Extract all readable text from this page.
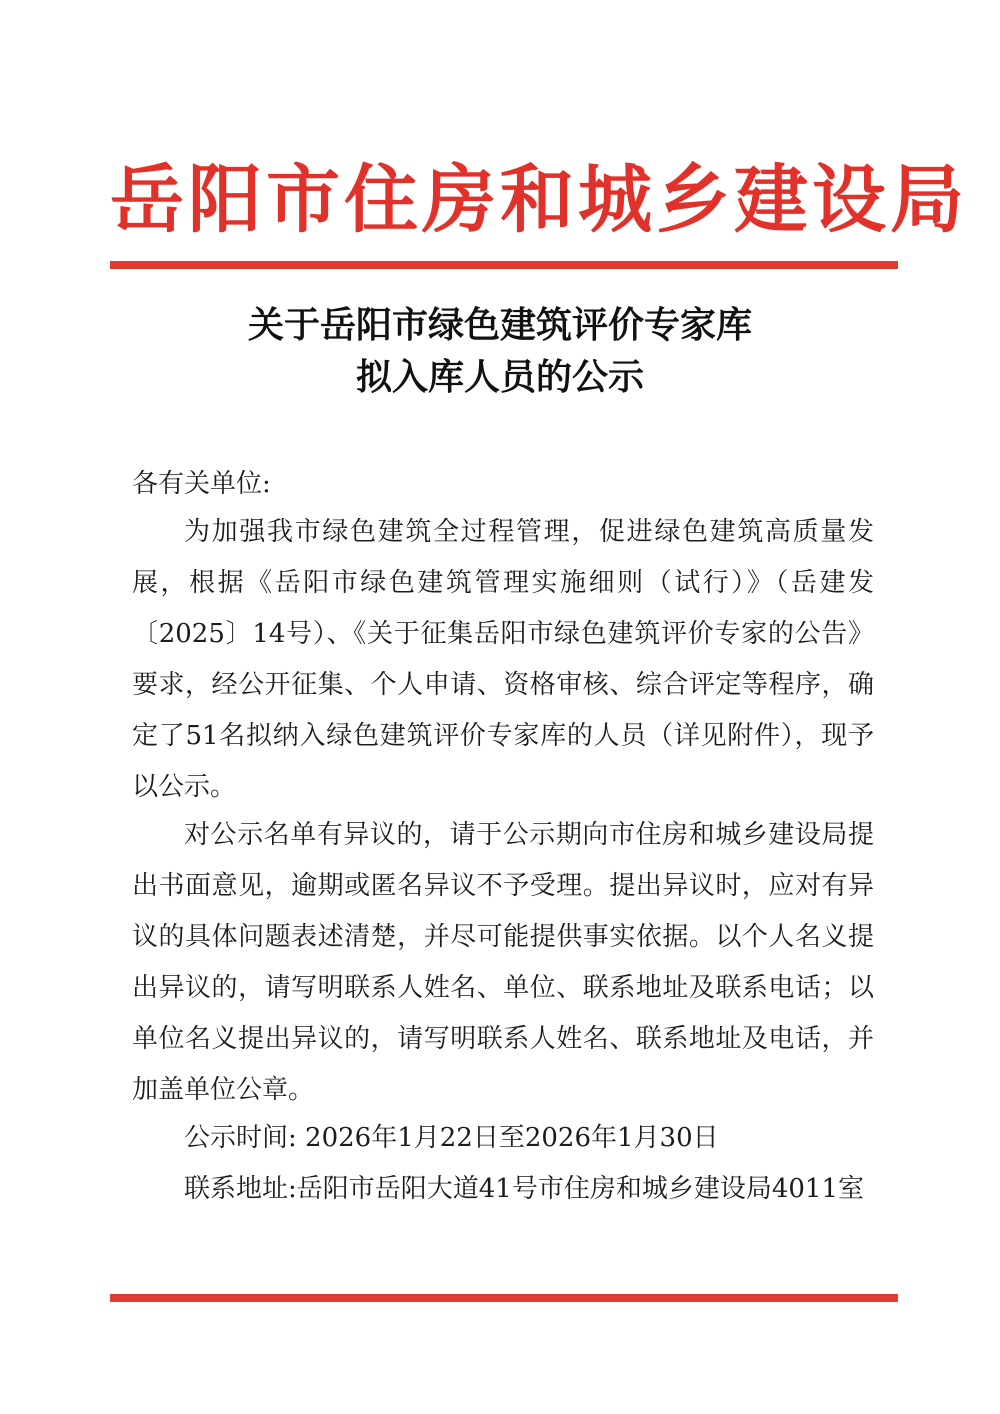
岳阳市住房和城乡建设局
关于岳阳市绿色建筑评价专家库
拟入库人员的公示
各有关单位:
为加强我市绿色建筑全过程管理，促进绿色建筑高质量发展，根据《岳阳市绿色建筑管理实施细则（试行）》（岳建发〔2025〕14号）、《关于征集岳阳市绿色建筑评价专家的公告》要求，经公开征集、个人申请、资格审核、综合评定等程序，确定了51名拟纳入绿色建筑评价专家库的人员（详见附件），现予以公示。
对公示名单有异议的，请于公示期向市住房和城乡建设局提出书面意见，逾期或匿名异议不予受理。提出异议时，应对有异议的具体问题表述清楚，并尽可能提供事实依据。以个人名义提出异议的，请写明联系人姓名、单位、联系地址及联系电话；以单位名义提出异议的，请写明联系人姓名、联系地址及电话，并加盖单位公章。
公示时间: 2026年1月22日至2026年1月30日
联系地址:岳阳市岳阳大道41号市住房和城乡建设局4011室
